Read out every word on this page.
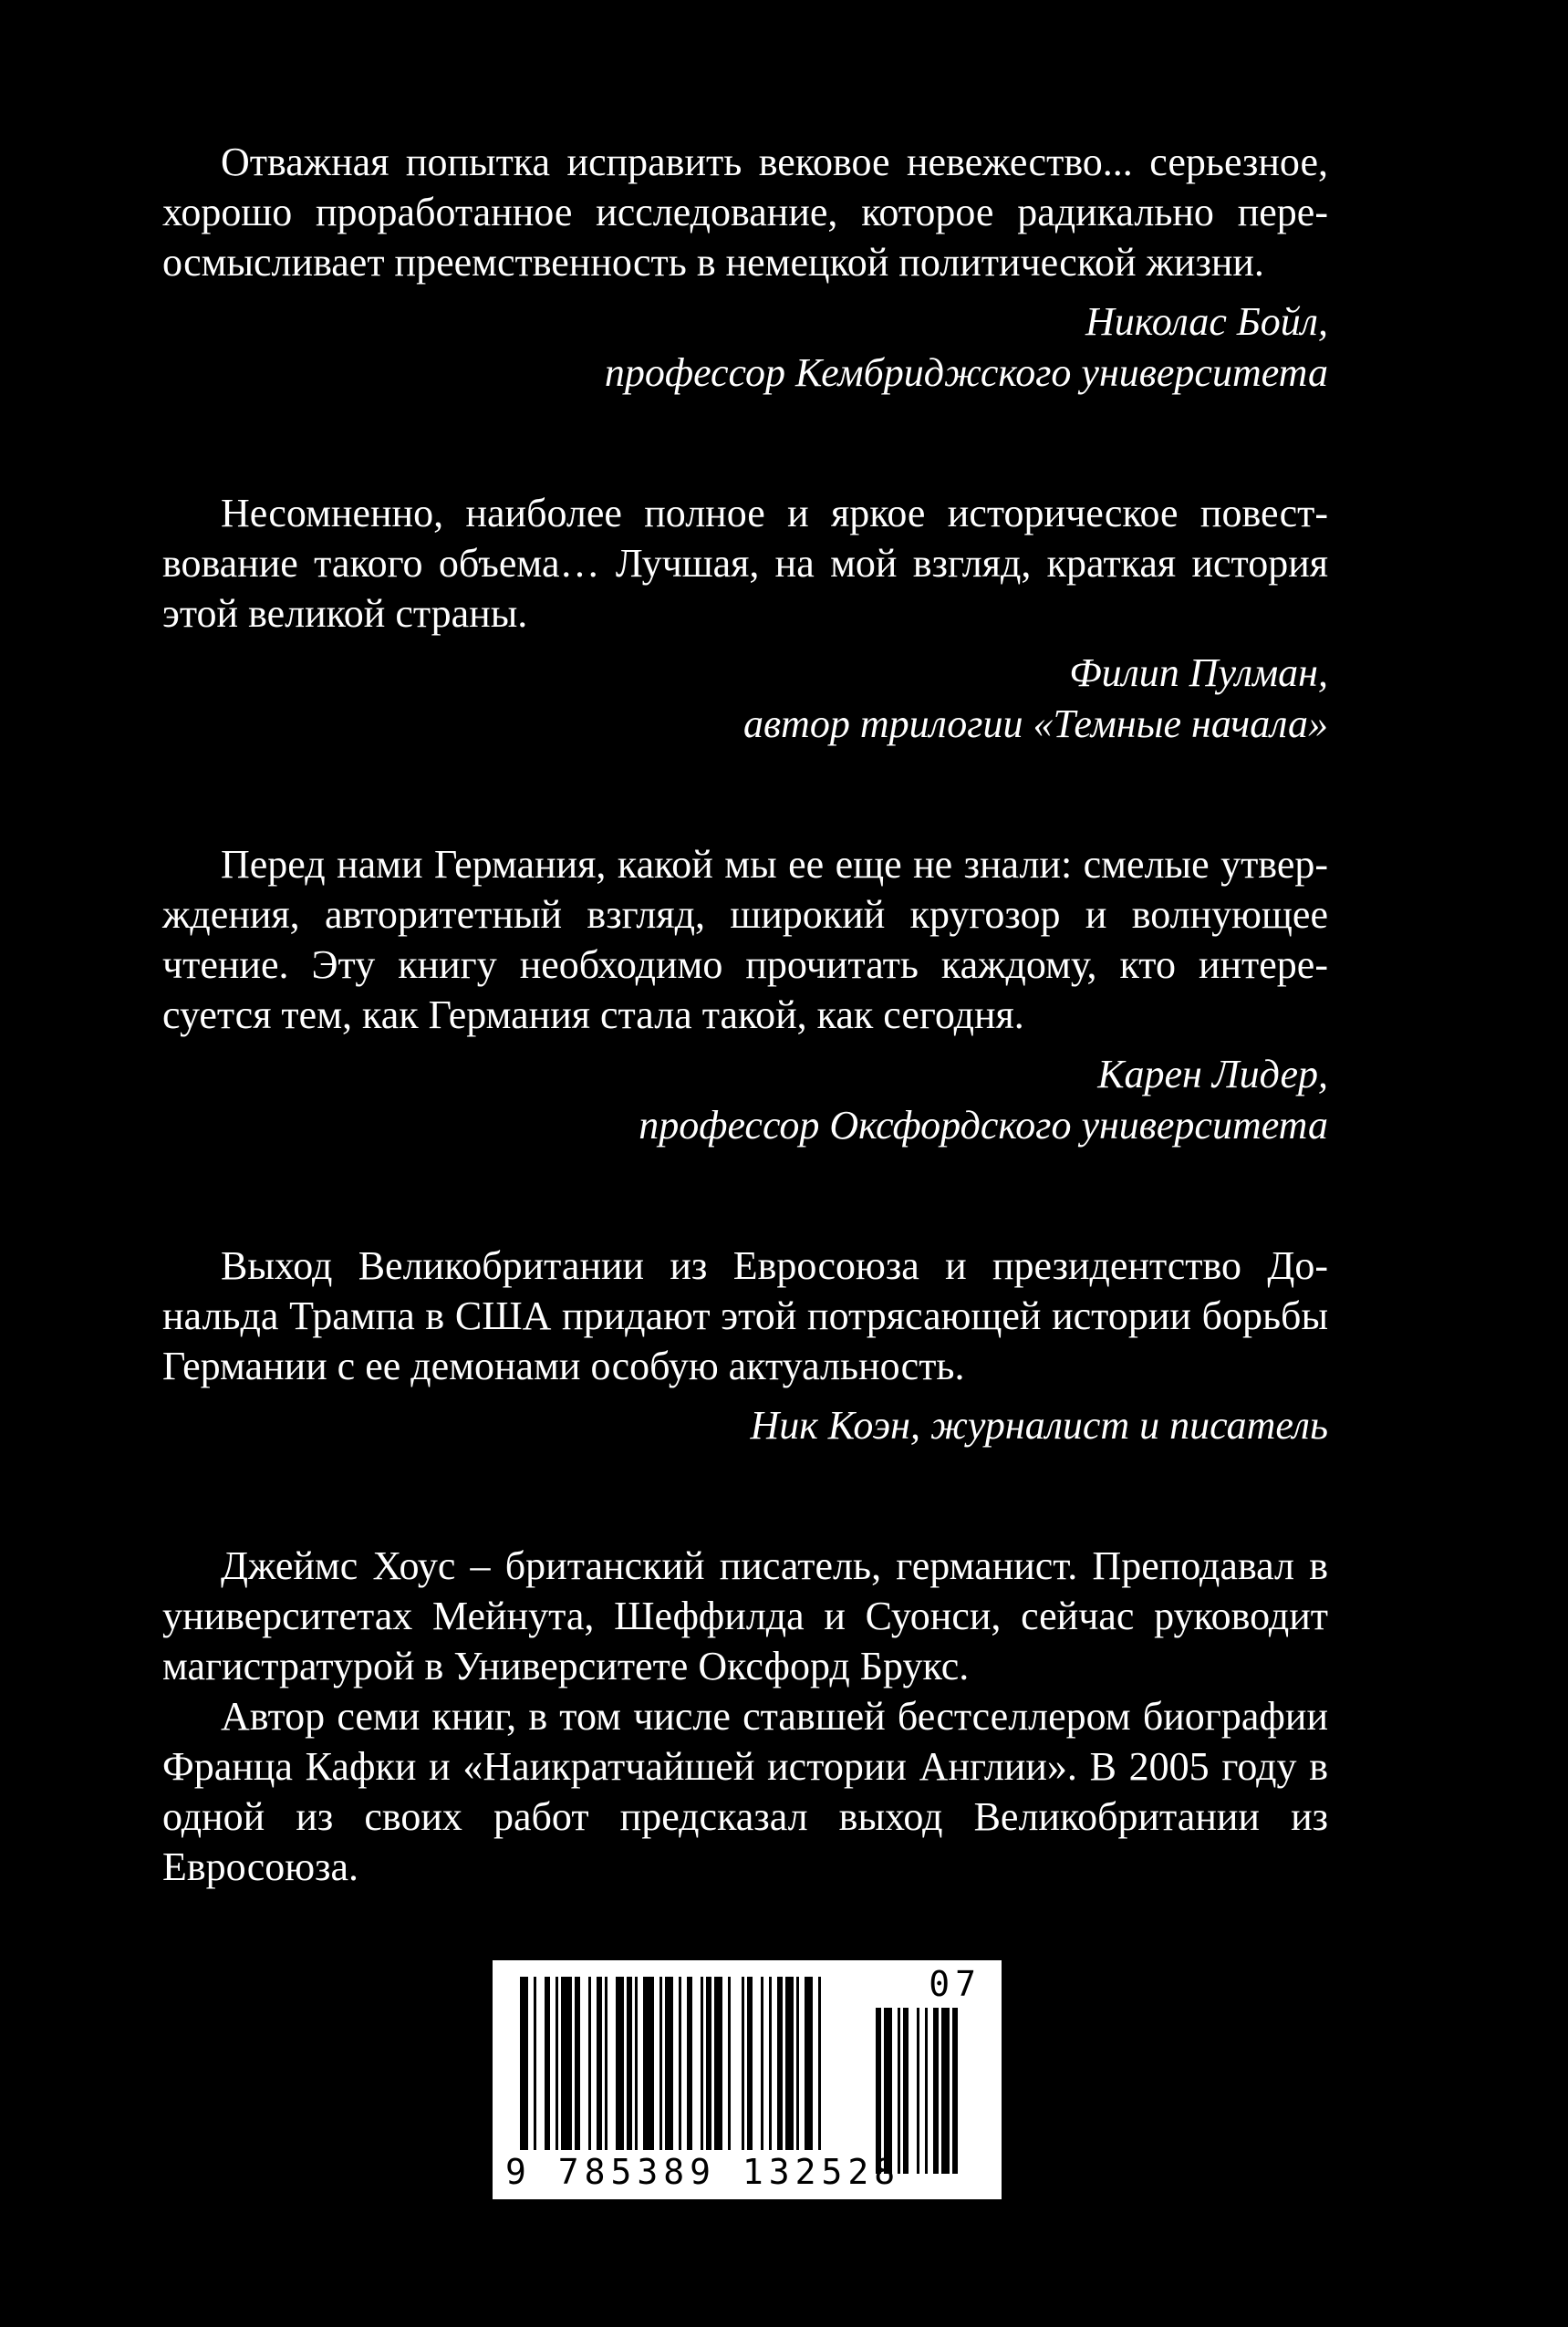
Отважная попытка исправить вековое невежество... серьезное, хорошо проработанное исследование, которое радикально переосмысливает преемственность в немецкой политической жизни.

Николас Бойл,
профессор Кембриджского университета

Несомненно, наиболее полное и яркое историческое повествование такого объема… Лучшая, на мой взгляд, краткая история этой великой страны.

Филип Пулман,
автор трилогии «Темные начала»

Перед нами Германия, какой мы ее еще не знали: смелые утверждения, авторитетный взгляд, широкий кругозор и волнующее чтение. Эту книгу необходимо прочитать каждому, кто интересуется тем, как Германия стала такой, как сегодня.

Карен Лидер,
профессор Оксфордского университета

Выход Великобритании из Евросоюза и президентство Дональда Трампа в США придают этой потрясающей истории борьбы Германии с ее демонами особую актуальность.

Ник Коэн, журналист и писатель

Джеймс Хоус – британский писатель, германист. Преподавал в университетах Мейнута, Шеффилда и Суонси, сейчас руководит магистратурой в Университете Оксфорд Брукс.

Автор семи книг, в том числе ставшей бестселлером биографии Франца Кафки и «Наикратчайшей истории Англии». В 2005 году в одной из своих работ предсказал выход Великобритании из Евросоюза.

07
9 785389 132528
